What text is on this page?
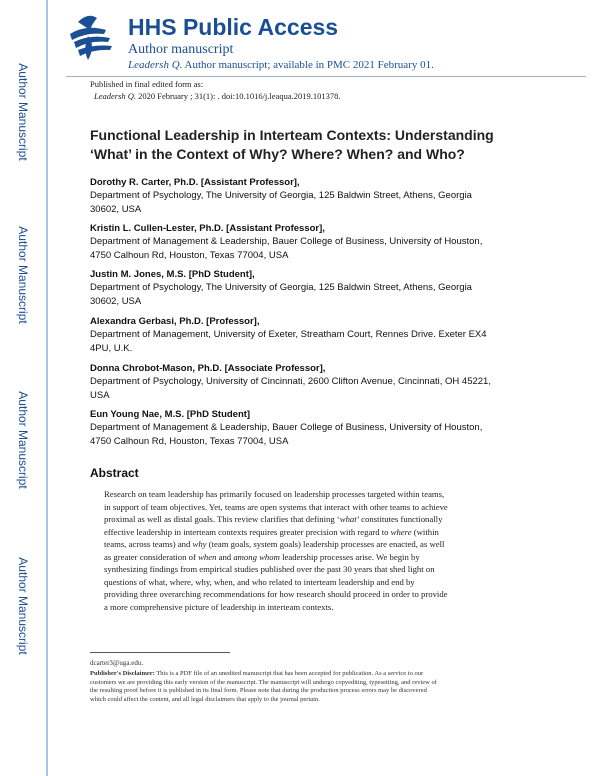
Author Manuscript
Author Manuscript
Author Manuscript
Author Manuscript
HHS Public Access
Author manuscript
Leadersh Q. Author manuscript; available in PMC 2021 February 01.
Published in final edited form as:
Leadersh Q. 2020 February ; 31(1): . doi:10.1016/j.leaqua.2019.101378.
Functional Leadership in Interteam Contexts: Understanding
‘What’ in the Context of Why? Where? When? and Who?
Dorothy R. Carter, Ph.D. [Assistant Professor],
Department of Psychology, The University of Georgia, 125 Baldwin Street, Athens, Georgia
30602, USA
Kristin L. Cullen-Lester, Ph.D. [Assistant Professor],
Department of Management & Leadership, Bauer College of Business, University of Houston,
4750 Calhoun Rd, Houston, Texas 77004, USA
Justin M. Jones, M.S. [PhD Student],
Department of Psychology, The University of Georgia, 125 Baldwin Street, Athens, Georgia
30602, USA
Alexandra Gerbasi, Ph.D. [Professor],
Department of Management, University of Exeter, Streatham Court, Rennes Drive. Exeter EX4
4PU, U.K.
Donna Chrobot-Mason, Ph.D. [Associate Professor],
Department of Psychology, University of Cincinnati, 2600 Clifton Avenue, Cincinnati, OH 45221,
USA
Eun Young Nae, M.S. [PhD Student]
Department of Management & Leadership, Bauer College of Business, University of Houston,
4750 Calhoun Rd, Houston, Texas 77004, USA
Abstract
Research on team leadership has primarily focused on leadership processes targeted within teams,
in support of team objectives. Yet, teams are open systems that interact with other teams to achieve
proximal as well as distal goals. This review clarifies that defining ‘what’ constitutes functionally
effective leadership in interteam contexts requires greater precision with regard to where (within
teams, across teams) and why (team goals, system goals) leadership processes are enacted, as well
as greater consideration of when and among whom leadership processes arise. We begin by
synthesizing findings from empirical studies published over the past 30 years that shed light on
questions of what, where, why, when, and who related to interteam leadership and end by
providing three overarching recommendations for how research should proceed in order to provide
a more comprehensive picture of leadership in interteam contexts.
dcarter3@uga.edu.
Publisher's Disclaimer: This is a PDF file of an unedited manuscript that has been accepted for publication. As a service to our
customers we are providing this early version of the manuscript. The manuscript will undergo copyediting, typesetting, and review of
the resulting proof before it is published in its final form. Please note that during the production process errors may be discovered
which could affect the content, and all legal disclaimers that apply to the journal pertain.
